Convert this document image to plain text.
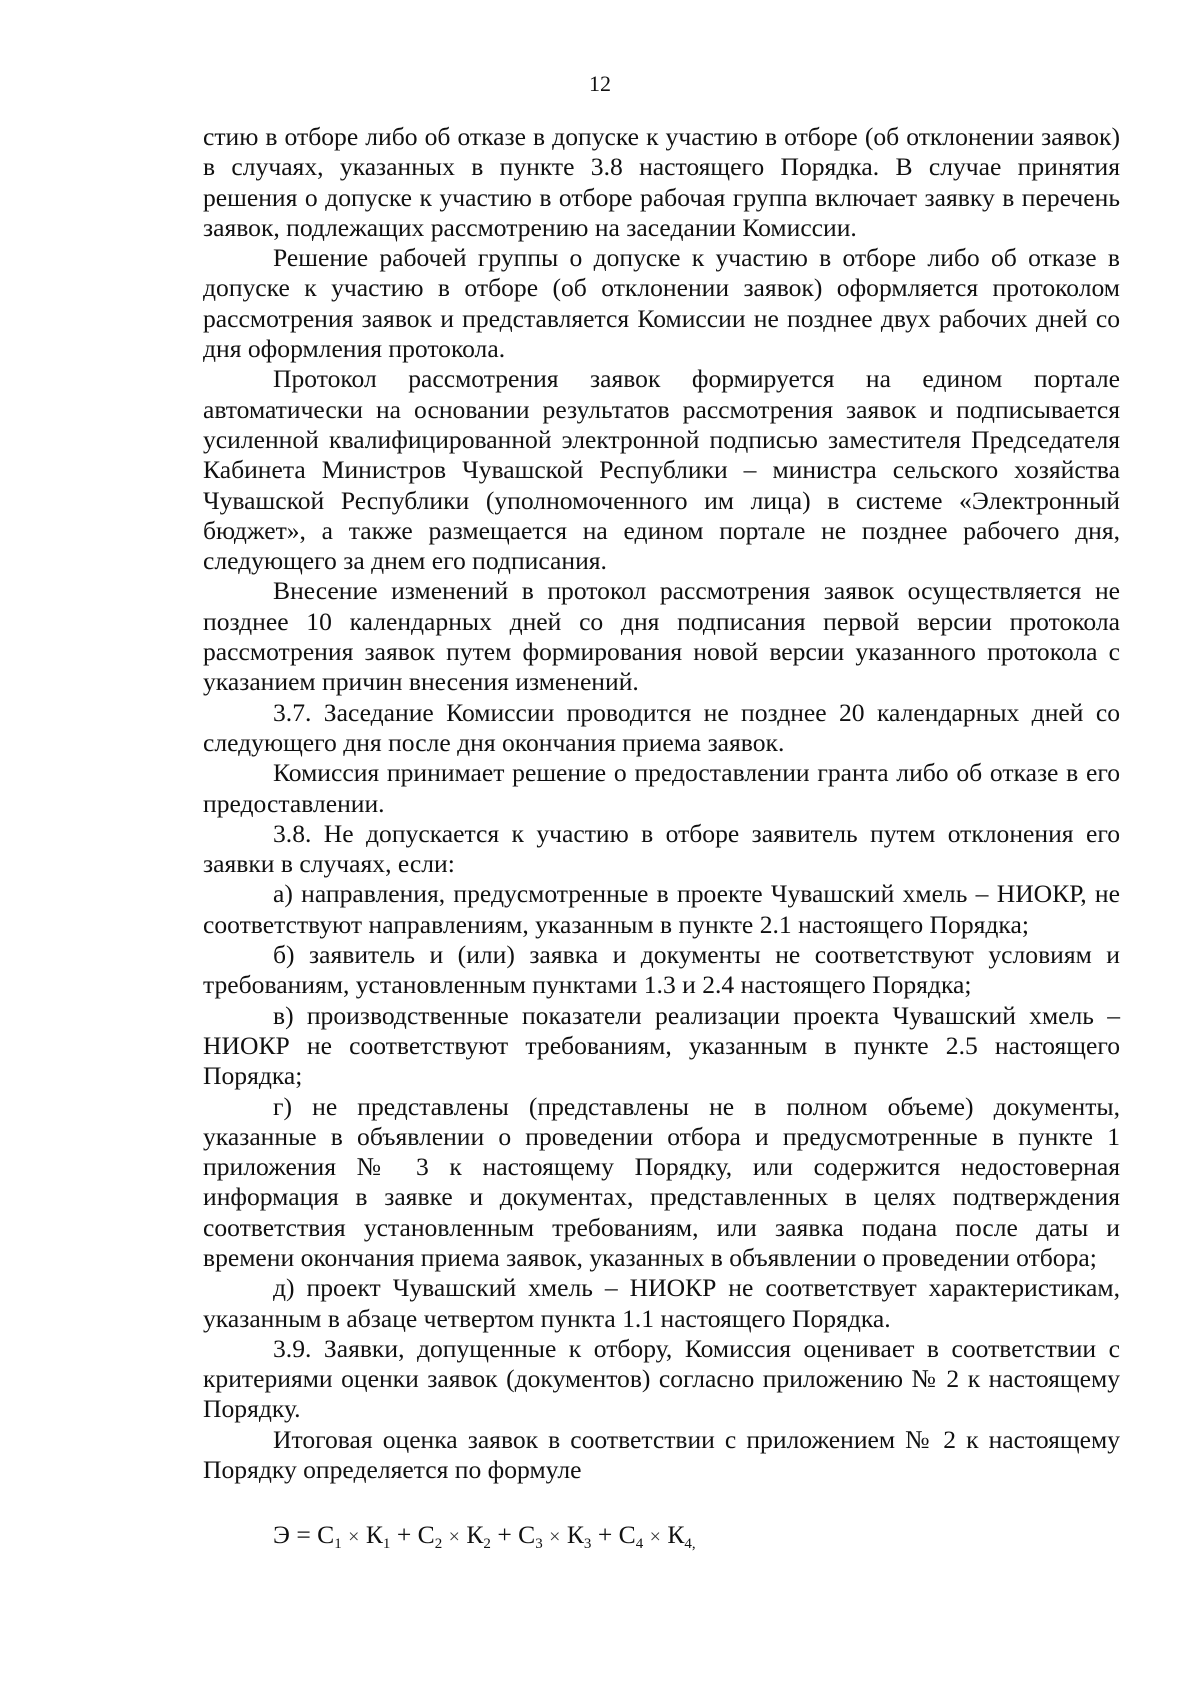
12

стию в отборе либо об отказе в допуске к участию в отборе (об отклонении заявок) в случаях, указанных в пункте 3.8 настоящего Порядка. В случае принятия решения о допуске к участию в отборе рабочая группа включает заявку в перечень заявок, подлежащих рассмотрению на заседании Комиссии.

Решение рабочей группы о допуске к участию в отборе либо об отказе в допуске к участию в отборе (об отклонении заявок) оформляется протоколом рассмотрения заявок и представляется Комиссии не позднее двух рабочих дней со дня оформления протокола.

Протокол рассмотрения заявок формируется на едином портале автоматически на основании результатов рассмотрения заявок и подписывается усиленной квалифицированной электронной подписью заместителя Председателя Кабинета Министров Чувашской Республики – министра сельского хозяйства Чувашской Республики (уполномоченного им лица) в системе «Электронный бюджет», а также размещается на едином портале не позднее рабочего дня, следующего за днем его подписания.

Внесение изменений в протокол рассмотрения заявок осуществляется не позднее 10 календарных дней со дня подписания первой версии протокола рассмотрения заявок путем формирования новой версии указанного протокола с указанием причин внесения изменений.

3.7. Заседание Комиссии проводится не позднее 20 календарных дней со следующего дня после дня окончания приема заявок.

Комиссия принимает решение о предоставлении гранта либо об отказе в его предоставлении.

3.8. Не допускается к участию в отборе заявитель путем отклонения его заявки в случаях, если:

а) направления, предусмотренные в проекте Чувашский хмель – НИОКР, не соответствуют направлениям, указанным в пункте 2.1 настоящего Порядка;

б) заявитель и (или) заявка и документы не соответствуют условиям и требованиям, установленным пунктами 1.3 и 2.4 настоящего Порядка;

в) производственные показатели реализации проекта Чувашский хмель – НИОКР не соответствуют требованиям, указанным в пункте 2.5 настоящего Порядка;

г) не представлены (представлены не в полном объеме) документы, указанные в объявлении о проведении отбора и предусмотренные в пункте 1 приложения № 3 к настоящему Порядку, или содержится недостоверная информация в заявке и документах, представленных в целях подтверждения соответствия установленным требованиям, или заявка подана после даты и времени окончания приема заявок, указанных в объявлении о проведении отбора;

д) проект Чувашский хмель – НИОКР не соответствует характеристикам, указанным в абзаце четвертом пункта 1.1 настоящего Порядка.

3.9. Заявки, допущенные к отбору, Комиссия оценивает в соответствии с критериями оценки заявок (документов) согласно приложению № 2 к настоящему Порядку.

Итоговая оценка заявок в соответствии с приложением № 2 к настоящему Порядку определяется по формуле

$Э = С_1 \times К_1 + С_2 \times К_2 + С_3 \times К_3 + С_4 \times К_{4,}$
